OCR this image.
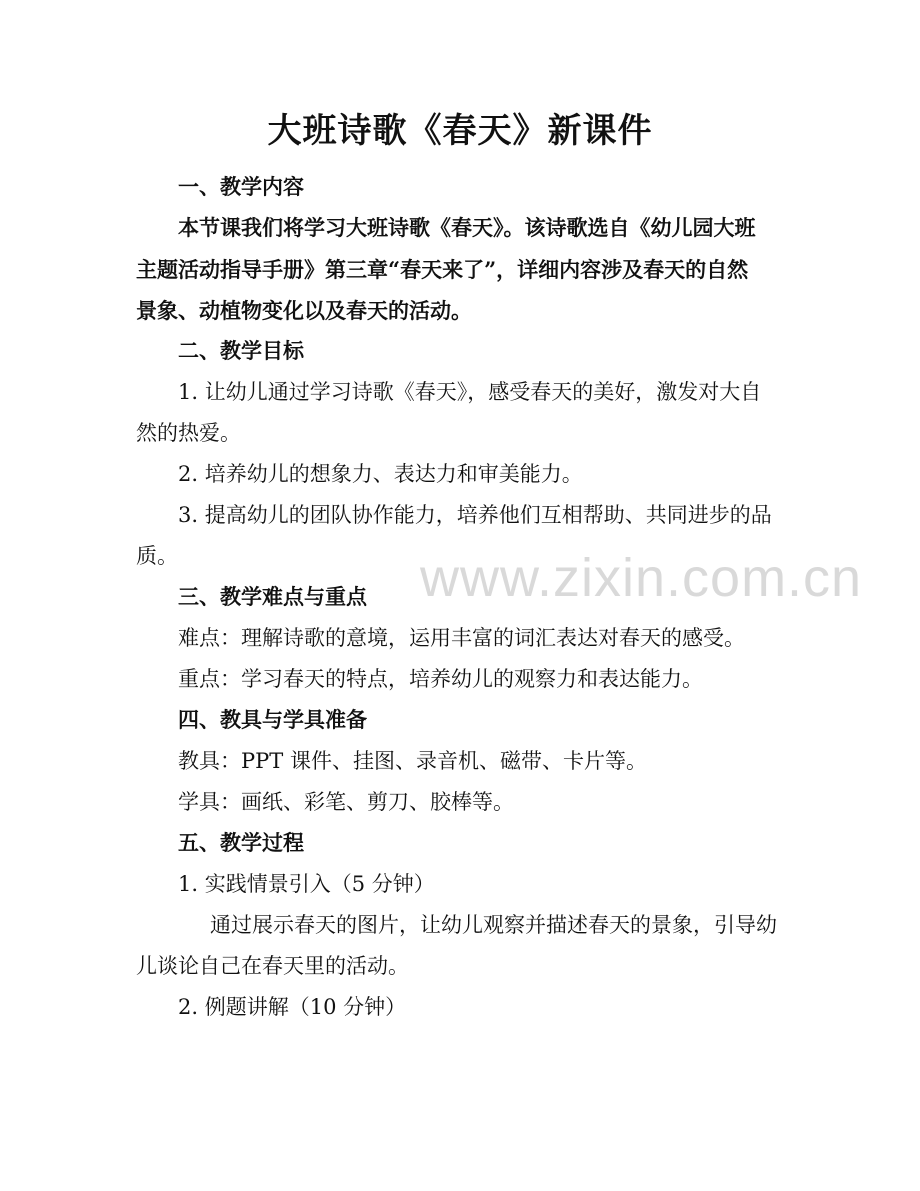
大班诗歌《春天》新课件
一、教学内容
本节课我们将学习大班诗歌《春天》。该诗歌选自《幼儿园大班
主题活动指导手册》第三章“春天来了”，详细内容涉及春天的自然
景象、动植物变化以及春天的活动。
二、教学目标
1. 让幼儿通过学习诗歌《春天》，感受春天的美好，激发对大自
然的热爱。
2. 培养幼儿的想象力、表达力和审美能力。
3. 提高幼儿的团队协作能力，培养他们互相帮助、共同进步的品
质。	www.zixin.com.cn
三、教学难点与重点
难点：理解诗歌的意境，运用丰富的词汇表达对春天的感受。
重点：学习春天的特点，培养幼儿的观察力和表达能力。
四、教具与学具准备
教具：PPT 课件、挂图、录音机、磁带、卡片等。
学具：画纸、彩笔、剪刀、胶棒等。
五、教学过程
1. 实践情景引入（5 分钟）
通过展示春天的图片，让幼儿观察并描述春天的景象，引导幼
儿谈论自己在春天里的活动。
2. 例题讲解（10 分钟）
